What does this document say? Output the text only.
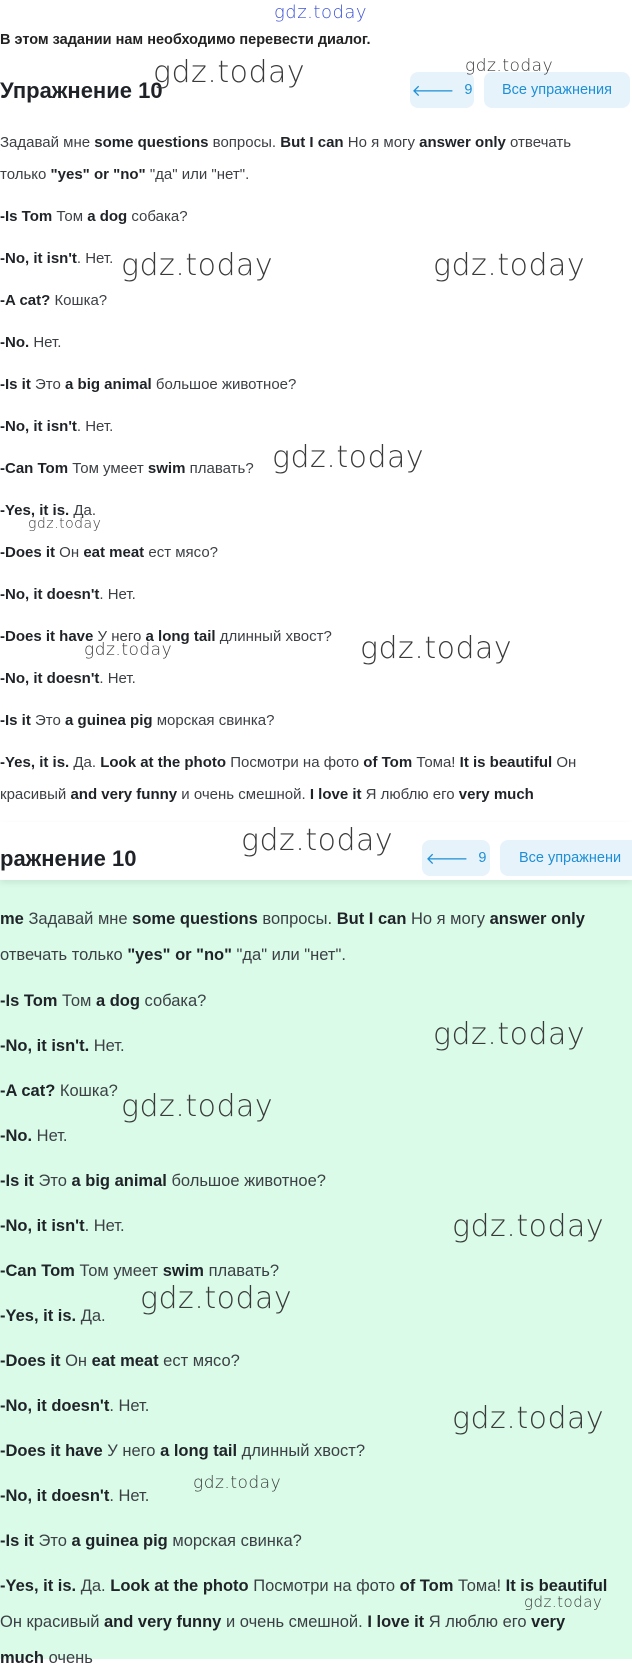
gdz.today
В этом задании нам необходимо перевести диалог.
Упражнение 10	🡐 9 Все упражнения
Задавай мне some questions вопросы. But I can Но я могу answer only отвечать
только "yes" or "no" "да" или "нет".
-Is Tom Том a dog собака?
-No, it isn't. Нет.
-A cat? Кошка?
-No. Нет.
-Is it Это a big animal большое животное?
-No, it isn't. Нет.
-Can Tom Том умеет swim плавать?
-Yes, it is. Да.
-Does it Он eat meat ест мясо?
-No, it doesn't. Нет.
-Does it have У него a long tail длинный хвост?
-No, it doesn't. Нет.
-Is it Это a guinea pig морская свинка?
-Yes, it is. Да. Look at the photo Посмотри на фото of Tom Тома! It is beautiful Он
красивый and very funny и очень смешной. I love it Я люблю его very much
ражнение 10	🡐 9 Все упражнени
me Задавай мне some questions вопросы. But I can Но я могу answer only
отвечать только "yes" or "no" "да" или "нет".
-Is Tom Том a dog собака?
-No, it isn't. Нет.
-A cat? Кошка?
-No. Нет.
-Is it Это a big animal большое животное?
-No, it isn't. Нет.
-Can Tom Том умеет swim плавать?
-Yes, it is. Да.
-Does it Он eat meat ест мясо?
-No, it doesn't. Нет.
-Does it have У него a long tail длинный хвост?
-No, it doesn't. Нет.
-Is it Это a guinea pig морская свинка?
-Yes, it is. Да. Look at the photo Посмотри на фото of Tom Тома! It is beautiful
Он красивый and very funny и очень смешной. I love it Я люблю его very
much очень
gdz.today	gdz.today
gdz.today	gdz.today
gdz.today
gdz.today
gdz.today	gdz.today
gdz.today
gdz.today
gdz.today
gdz.today
gdz.today
gdz.today
gdz.today
gdz.today
